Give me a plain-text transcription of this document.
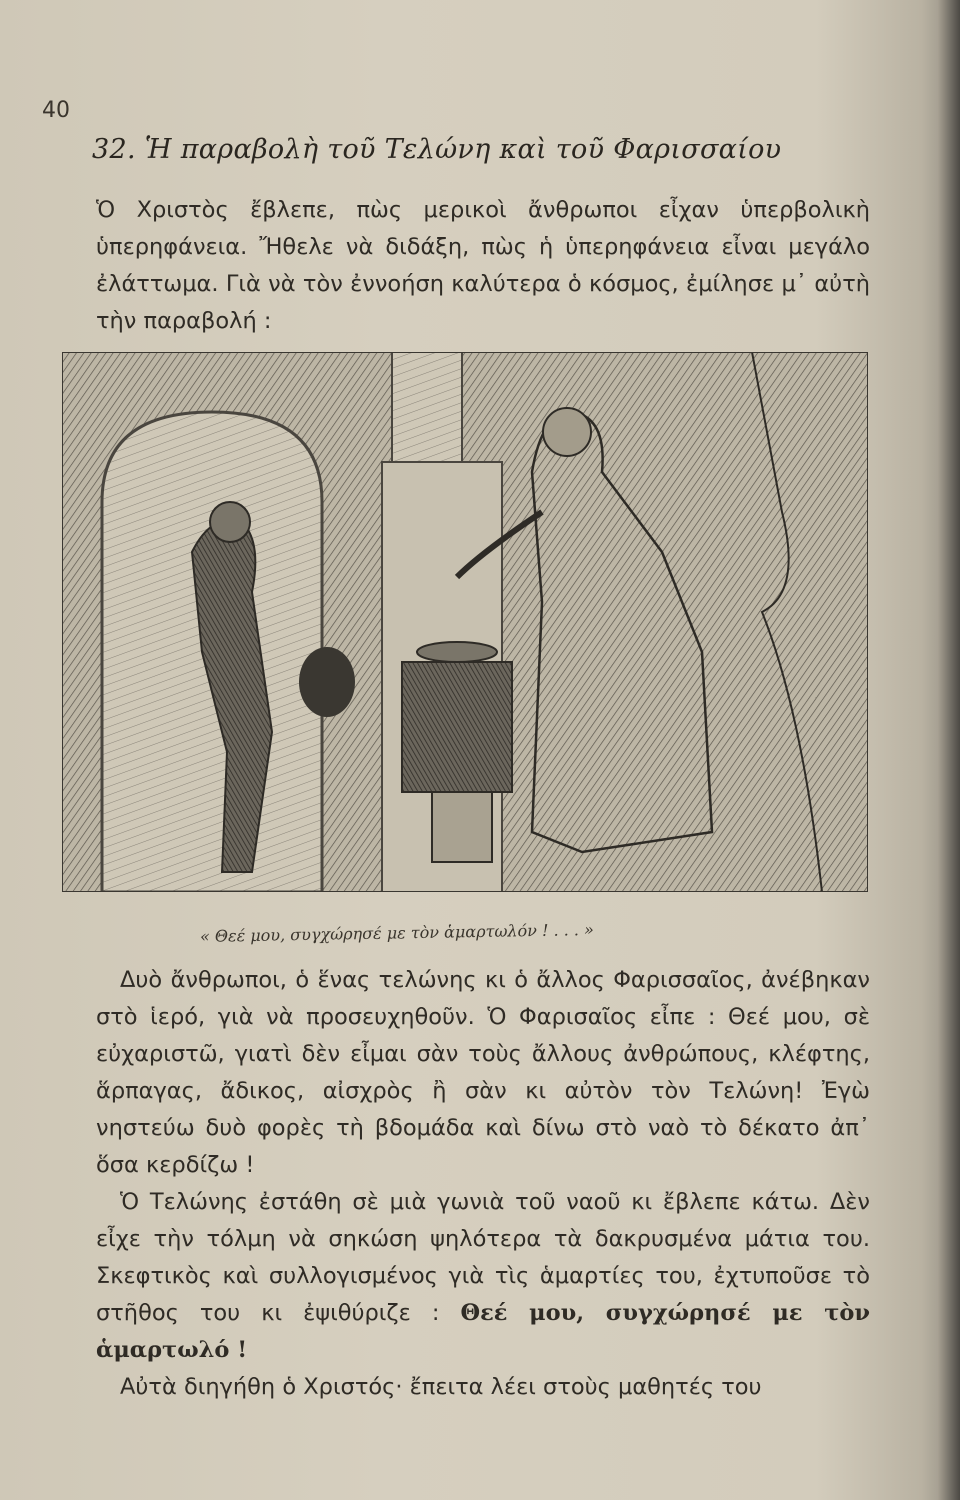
40
32. Ἡ παραβολὴ τοῦ Τελώνη καὶ τοῦ Φαρισσαίου

Ὁ Χριστὸς ἔβλεπε, πὼς μερικοὶ ἄνθρωποι εἶχαν ὑπερβολικὴ ὑπερηφάνεια. Ἤθελε νὰ διδάξη, πὼς ἡ ὑπερηφάνεια εἶναι μεγάλο ἐλάττωμα. Γιὰ νὰ τὸν ἐννοήση καλύτερα ὁ κόσμος, ἐμίλησε μ᾽ αὐτὴ τὴν παραβολή :

« Θεέ μου, συγχώρησέ με τὸν ἁμαρτωλόν ! . . . »

Δυὸ ἄνθρωποι, ὁ ἕνας τελώνης κι ὁ ἄλλος Φαρισσαῖος, ἀνέβηκαν στὸ ἱερό, γιὰ νὰ προσευχηθοῦν. Ὁ Φαρισαῖος εἶπε : Θεέ μου, σὲ εὐχαριστῶ, γιατὶ δὲν εἶμαι σὰν τοὺς ἄλλους ἀνθρώπους, κλέφτης, ἅρπαγας, ἄδικος, αἰσχρὸς ἢ σὰν κι αὐτὸν τὸν Τελώνη! Ἐγὼ νηστεύω δυὸ φορὲς τὴ βδομάδα καὶ δίνω στὸ ναὸ τὸ δέκατο ἀπ᾽ ὅσα κερδίζω !

Ὁ Τελώνης ἐστάθη σὲ μιὰ γωνιὰ τοῦ ναοῦ κι ἔβλεπε κάτω. Δὲν εἶχε τὴν τόλμη νὰ σηκώση ψηλότερα τὰ δακρυσμένα μάτια του. Σκεφτικὸς καὶ συλλογισμένος γιὰ τὶς ἁμαρτίες του, ἐχτυποῦσε τὸ στῆθος του κι ἐψιθύριζε : Θεέ μου, συγχώρησέ με τὸν ἁμαρτωλό !

Αὐτὰ διηγήθη ὁ Χριστός· ἔπειτα λέει στοὺς μαθητές του
